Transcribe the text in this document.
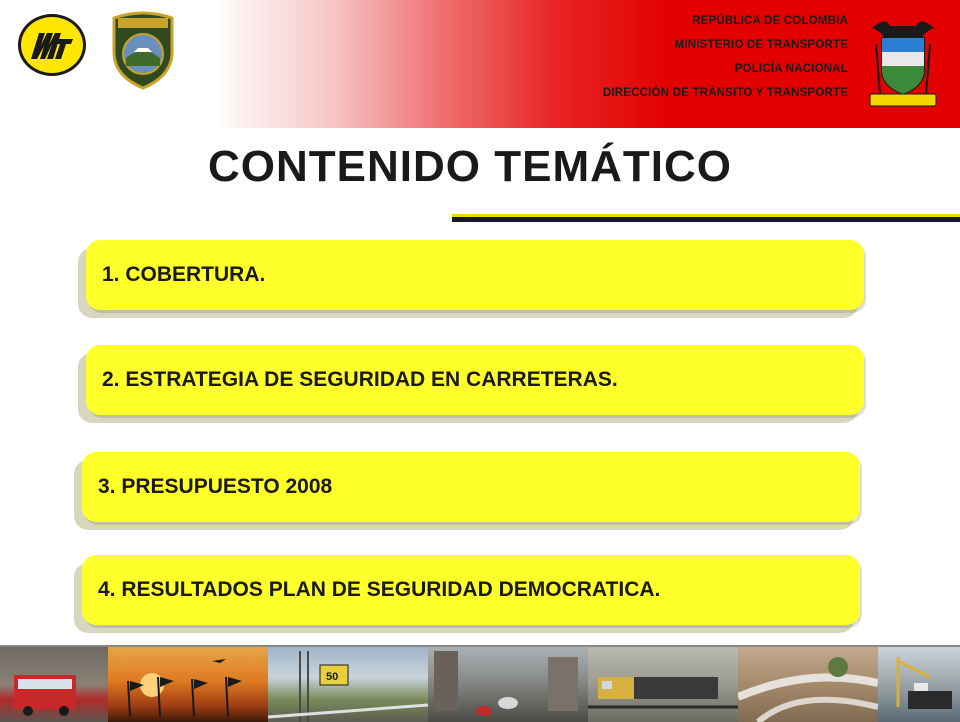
REPÚBLICA DE COLOMBIA
MINISTERIO DE TRANSPORTE
POLICÍA NACIONAL
DIRECCIÓN DE TRÁNSITO Y TRANSPORTE
CONTENIDO TEMÁTICO
1. COBERTURA.
2. ESTRATEGIA DE SEGURIDAD EN CARRETERAS.
3. PRESUPUESTO 2008
4. RESULTADOS PLAN DE SEGURIDAD DEMOCRATICA.
50
